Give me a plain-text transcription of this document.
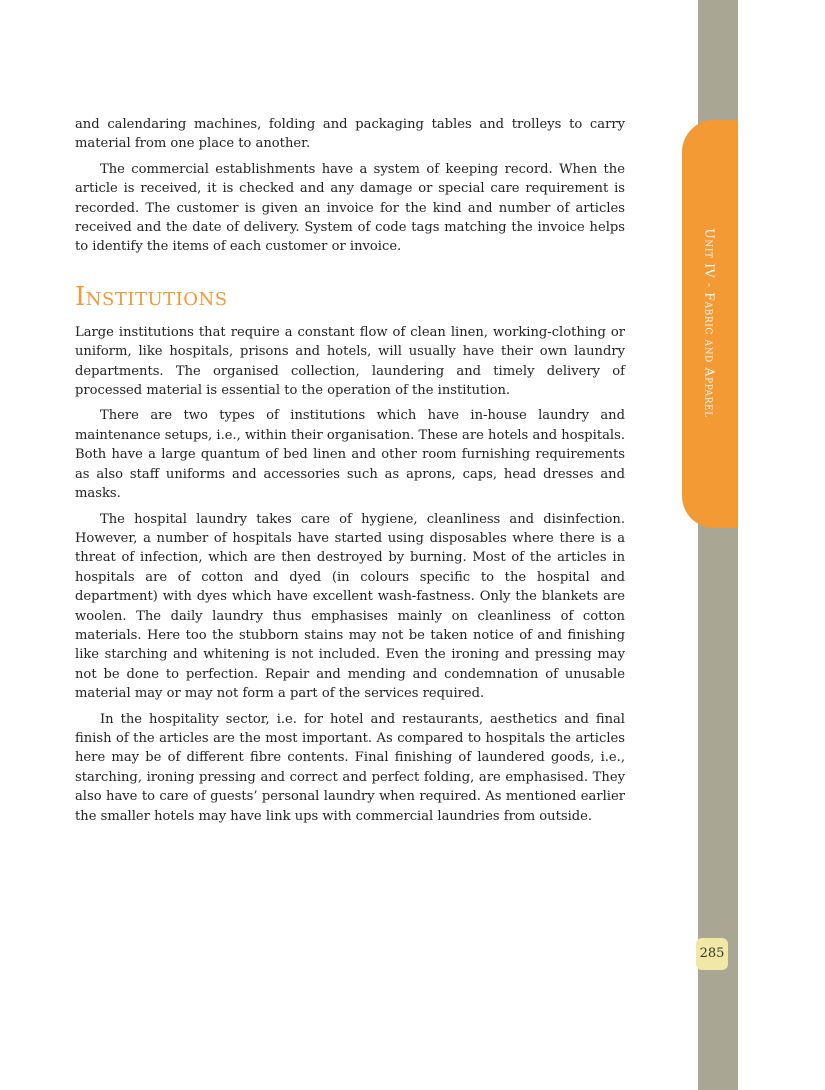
Unit IV - Fabric and Apparel
285

and calendaring machines, folding and packaging tables and trolleys to carry material from one place to another.

The commercial establishments have a system of keeping record. When the article is received, it is checked and any damage or special care requirement is recorded. The customer is given an invoice for the kind and number of articles received and the date of delivery. System of code tags matching the invoice helps to identify the items of each customer or invoice.

Institutions

Large institutions that require a constant flow of clean linen, working-clothing or uniform, like hospitals, prisons and hotels, will usually have their own laundry departments. The organised collection, laundering and timely delivery of processed material is essential to the operation of the institution.

There are two types of institutions which have in-house laundry and maintenance setups, i.e., within their organisation. These are hotels and hospitals. Both have a large quantum of bed linen and other room furnishing requirements as also staff uniforms and accessories such as aprons, caps, head dresses and masks.

The hospital laundry takes care of hygiene, cleanliness and disinfection. However, a number of hospitals have started using disposables where there is a threat of infection, which are then destroyed by burning. Most of the articles in hospitals are of cotton and dyed (in colours specific to the hospital and department) with dyes which have excellent wash-fastness. Only the blankets are woolen. The daily laundry thus emphasises mainly on cleanliness of cotton materials. Here too the stubborn stains may not be taken notice of and finishing like starching and whitening is not included. Even the ironing and pressing may not be done to perfection. Repair and mending and condemnation of unusable material may or may not form a part of the services required.

In the hospitality sector, i.e. for hotel and restaurants, aesthetics and final finish of the articles are the most important. As compared to hospitals the articles here may be of different fibre contents. Final finishing of laundered goods, i.e., starching, ironing pressing and correct and perfect folding, are emphasised. They also have to care of guests’ personal laundry when required. As mentioned earlier the smaller hotels may have link ups with commercial laundries from outside.
